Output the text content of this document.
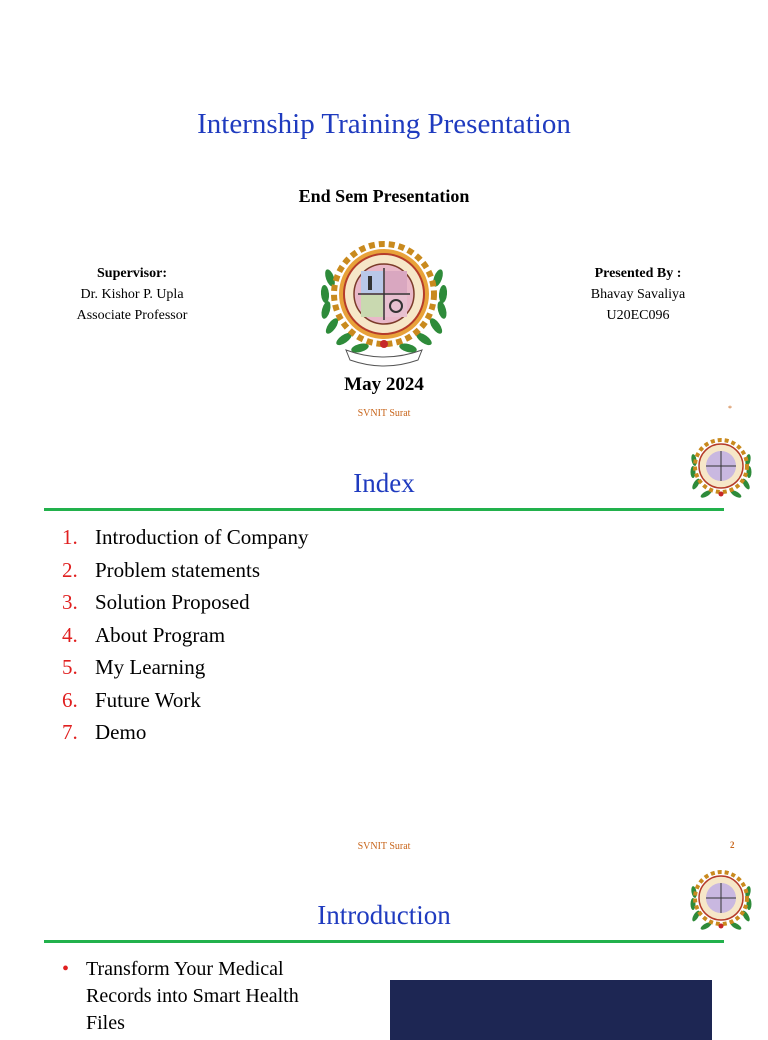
Internship Training Presentation
End Sem Presentation
Supervisor:
Dr. Kishor P. Upla
Associate Professor
Presented By :
Bhavay Savaliya
U20EC096
May 2024
SVNIT Surat	*
Index
1. Introduction of Company
2. Problem statements
3. Solution Proposed
4. About Program
5. My Learning
6. Future Work
7. Demo
SVNIT Surat	2
Introduction
• Transform Your Medical Records into Smart Health Files
